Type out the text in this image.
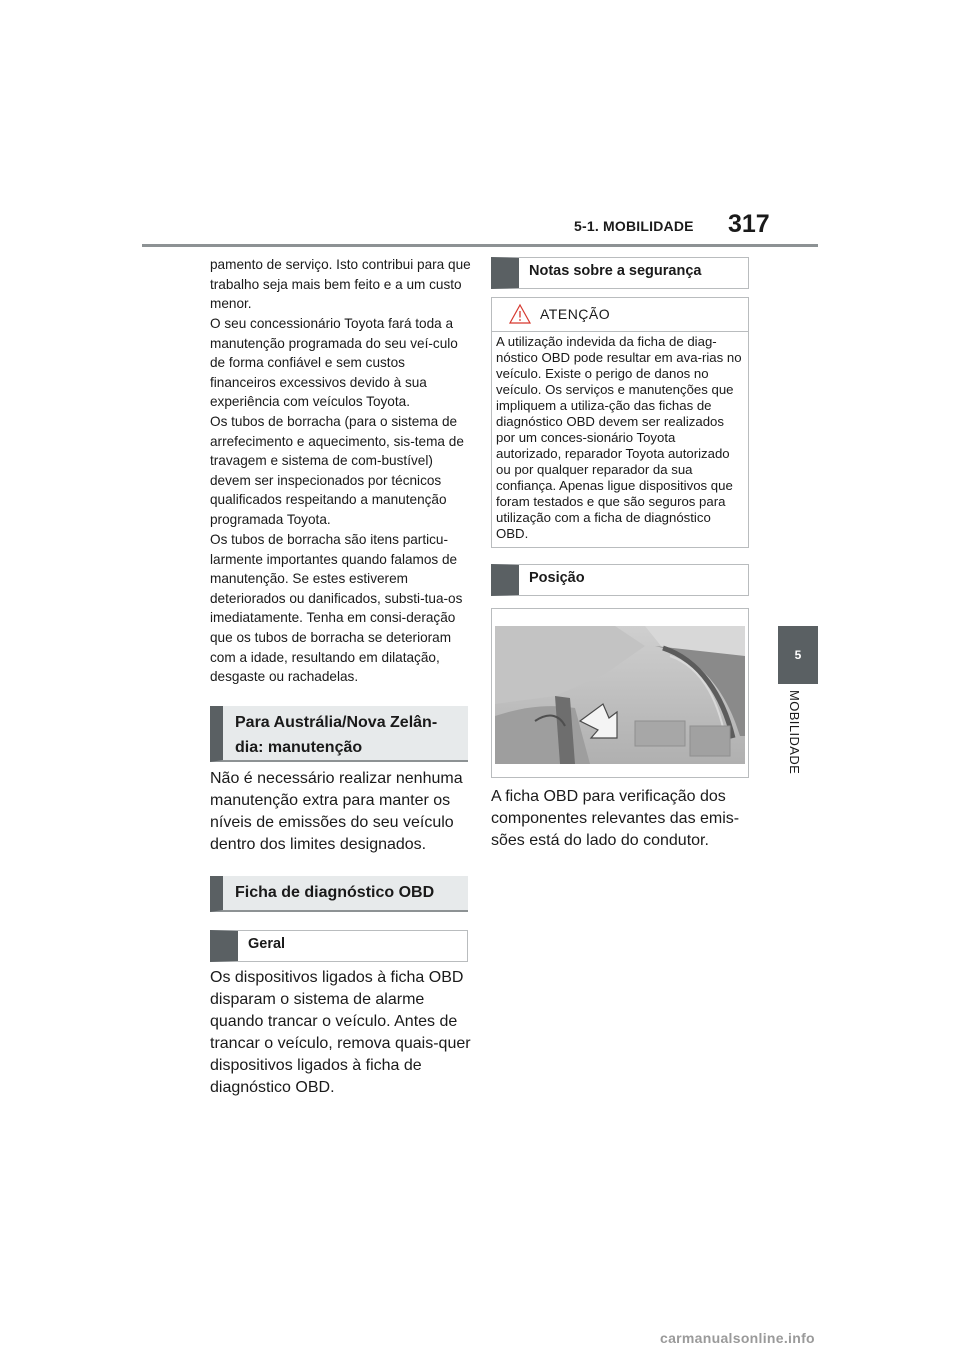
5-1. MOBILIDADE 317
5
MOBILIDADE

pamento de serviço. Isto contribui para que trabalho seja mais bem feito e a um custo menor.

O seu concessionário Toyota fará toda a manutenção programada do seu veí-culo de forma confiável e sem custos financeiros excessivos devido à sua experiência com veículos Toyota.

Os tubos de borracha (para o sistema de arrefecimento e aquecimento, sis-tema de travagem e sistema de com-bustível) devem ser inspecionados por técnicos qualificados respeitando a manutenção programada Toyota.

Os tubos de borracha são itens particu-larmente importantes quando falamos de manutenção. Se estes estiverem deteriorados ou danificados, substi-tua-os imediatamente. Tenha em consi-deração que os tubos de borracha se deterioram com a idade, resultando em dilatação, desgaste ou rachadelas.

Para Austrália/Nova Zelân-dia: manutenção

Não é necessário realizar nenhuma manutenção extra para manter os níveis de emissões do seu veículo dentro dos limites designados.

Ficha de diagnóstico OBD
Geral

Os dispositivos ligados à ficha OBD disparam o sistema de alarme quando trancar o veículo. Antes de trancar o veículo, remova quais-quer dispositivos ligados à ficha de diagnóstico OBD.

Notas sobre a segurança
ATENÇÃO

A utilização indevida da ficha de diag-nóstico OBD pode resultar em ava-rias no veículo. Existe o perigo de danos no veículo. Os serviços e manutenções que impliquem a utiliza-ção das fichas de diagnóstico OBD devem ser realizados por um conces-sionário Toyota autorizado, reparador Toyota autorizado ou por qualquer reparador da sua confiança. Apenas ligue dispositivos que foram testados e que são seguros para utilização com a ficha de diagnóstico OBD.

Posição

A ficha OBD para verificação dos componentes relevantes das emis-sões está do lado do condutor.

carmanualsonline.info
